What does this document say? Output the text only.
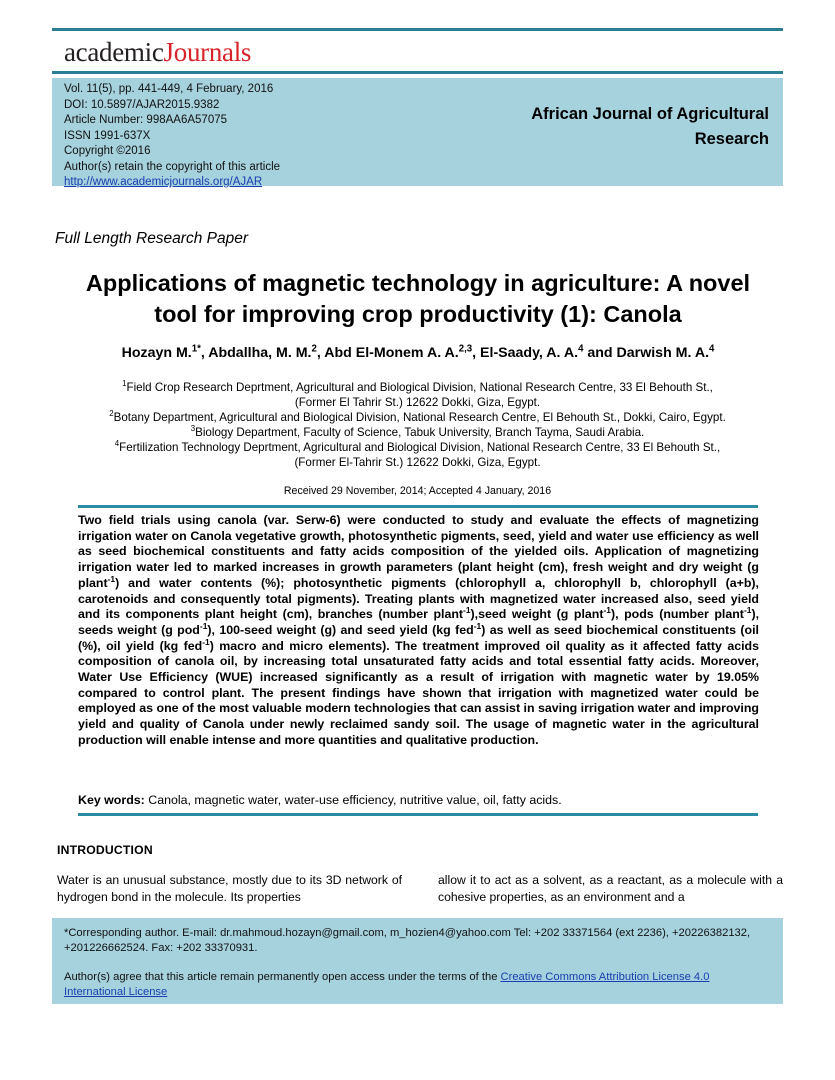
academicJournals
Vol. 11(5), pp. 441-449, 4 February, 2016
DOI: 10.5897/AJAR2015.9382
Article Number: 998AA6A57075
ISSN 1991-637X
Copyright ©2016
Author(s) retain the copyright of this article
http://www.academicjournals.org/AJAR
African Journal of Agricultural Research
Full Length Research Paper
Applications of magnetic technology in agriculture: A novel tool for improving crop productivity (1): Canola
Hozayn M.$^{1*}$, Abdallha, M. M.$^2$, Abd El-Monem A. A.$^{2,3}$, El-Saady, A. A.$^4$ and Darwish M. A.$^4$
$^1$Field Crop Research Deprtment, Agricultural and Biological Division, National Research Centre, 33 El Behouth St.,
(Former El Tahrir St.) 12622 Dokki, Giza, Egypt.
$^2$Botany Department, Agricultural and Biological Division, National Research Centre, El Behouth St., Dokki, Cairo, Egypt.
$^3$Biology Department, Faculty of Science, Tabuk University, Branch Tayma, Saudi Arabia.
$^4$Fertilization Technology Deprtment, Agricultural and Biological Division, National Research Centre, 33 El Behouth St.,
(Former El-Tahrir St.) 12622 Dokki, Giza, Egypt.
Received 29 November, 2014; Accepted 4 January, 2016
Two field trials using canola (var. Serw-6) were conducted to study and evaluate the effects of magnetizing irrigation water on Canola vegetative growth, photosynthetic pigments, seed, yield and water use efficiency as well as seed biochemical constituents and fatty acids composition of the yielded oils. Application of magnetizing irrigation water led to marked increases in growth parameters (plant height (cm), fresh weight and dry weight (g plant$^{-1}$) and water contents (%); photosynthetic pigments (chlorophyll a, chlorophyll b, chlorophyll (a+b), carotenoids and consequently total pigments). Treating plants with magnetized water increased also, seed yield and its components plant height (cm), branches (number plant$^{-1}$),seed weight (g plant$^{-1}$), pods (number plant$^{-1}$), seeds weight (g pod$^{-1}$), 100-seed weight (g) and seed yield (kg fed$^{-1}$) as well as seed biochemical constituents (oil (%), oil yield (kg fed$^{-1}$) macro and micro elements). The treatment improved oil quality as it affected fatty acids composition of canola oil, by increasing total unsaturated fatty acids and total essential fatty acids. Moreover, Water Use Efficiency (WUE) increased significantly as a result of irrigation with magnetic water by 19.05% compared to control plant. The present findings have shown that irrigation with magnetized water could be employed as one of the most valuable modern technologies that can assist in saving irrigation water and improving yield and quality of Canola under newly reclaimed sandy soil. The usage of magnetic water in the agricultural production will enable intense and more quantities and qualitative production.
Key words: Canola, magnetic water, water-use efficiency, nutritive value, oil, fatty acids.
INTRODUCTION
Water is an unusual substance, mostly due to its 3D network of hydrogen bond in the molecule. Its properties
allow it to act as a solvent, as a reactant, as a molecule with a cohesive properties, as an environment and a
*Corresponding author. E-mail: dr.mahmoud.hozayn@gmail.com, m_hozien4@yahoo.com Tel: +202 33371564 (ext 2236), +20226382132, +201226662524. Fax: +202 33370931.
Author(s) agree that this article remain permanently open access under the terms of the Creative Commons Attribution License 4.0 International License
